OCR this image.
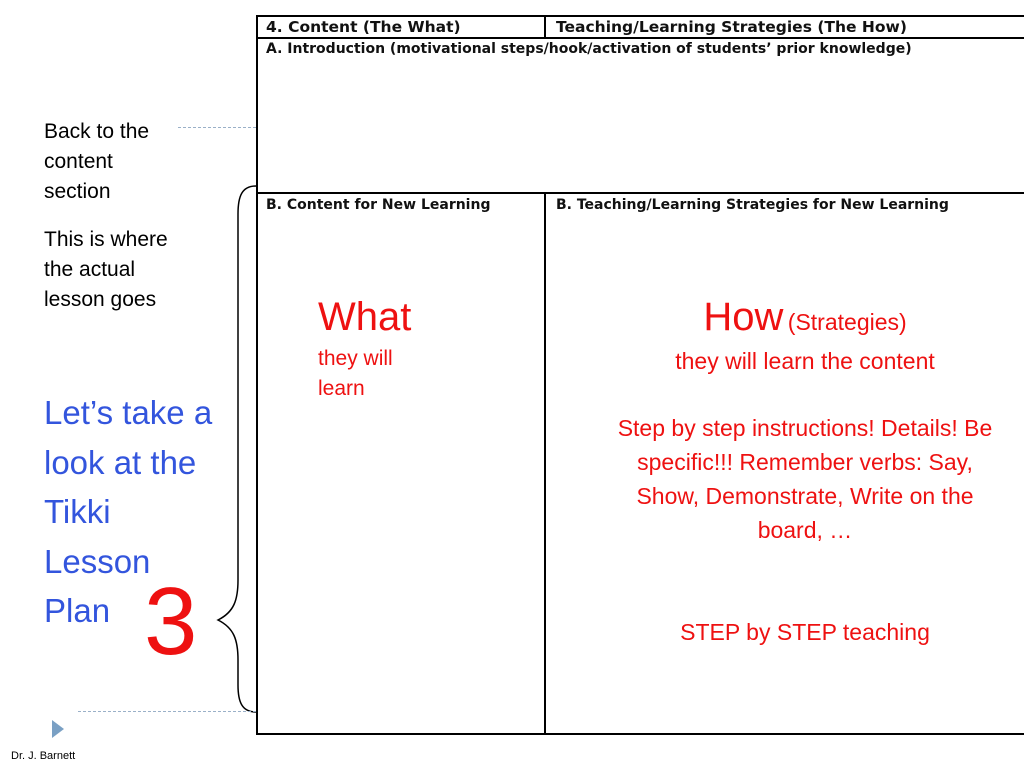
4. Content (The What)	Teaching/Learning Strategies (The How)
A. Introduction (motivational steps/hook/activation of students’ prior knowledge)
B. Content for New Learning	B. Teaching/Learning Strategies for New Learning
What
they will learn
How (Strategies)
they will learn the content
Step by step instructions! Details! Be specific!!! Remember verbs: Say, Show, Demonstrate, Write on the board, …
STEP by STEP teaching
Back to the content section
This is where the actual lesson goes
Let’s take a look at the Tikki Lesson Plan 3
Dr. J. Barnett
